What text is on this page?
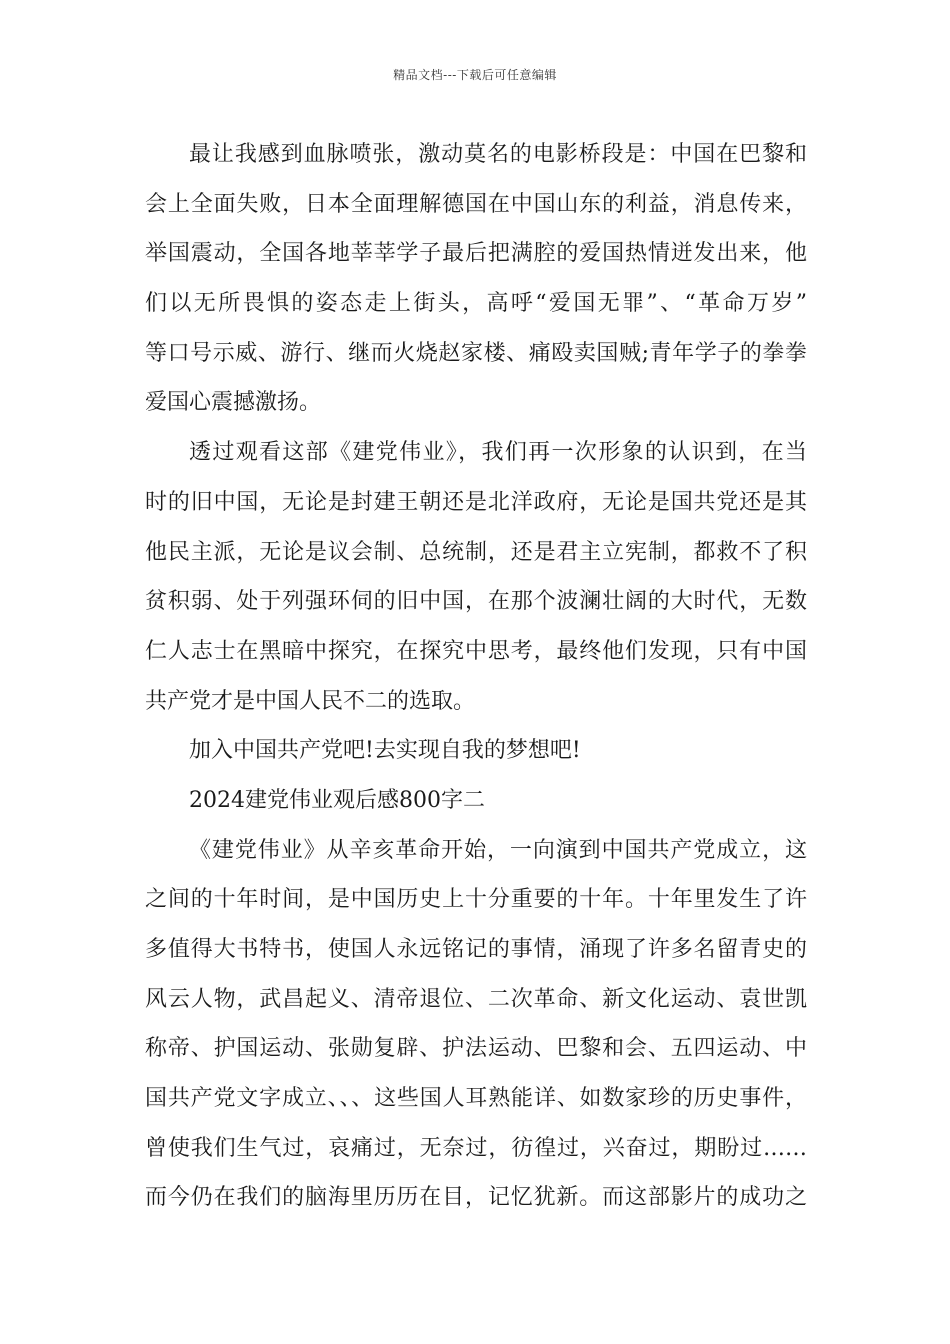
精品文档---下载后可任意编辑
最让我感到血脉喷张，激动莫名的电影桥段是：中国在巴黎和
会上全面失败，日本全面理解德国在中国山东的利益，消息传来，
举国震动，全国各地莘莘学子最后把满腔的爱国热情迸发出来，他
们以无所畏惧的姿态走上街头，高呼“爱国无罪”、“革命万岁”
等口号示威、游行、继而火烧赵家楼、痛殴卖国贼;青年学子的拳拳
爱国心震撼激扬。
透过观看这部《建党伟业》，我们再一次形象的认识到，在当
时的旧中国，无论是封建王朝还是北洋政府，无论是国共党还是其
他民主派，无论是议会制、总统制，还是君主立宪制，都救不了积
贫积弱、处于列强环伺的旧中国，在那个波澜壮阔的大时代，无数
仁人志士在黑暗中探究，在探究中思考，最终他们发现，只有中国
共产党才是中国人民不二的选取。
加入中国共产党吧!去实现自我的梦想吧!
2024建党伟业观后感800字二
《建党伟业》从辛亥革命开始，一向演到中国共产党成立，这
之间的十年时间，是中国历史上十分重要的十年。十年里发生了许
多值得大书特书，使国人永远铭记的事情，涌现了许多名留青史的
风云人物，武昌起义、清帝退位、二次革命、新文化运动、袁世凯
称帝、护国运动、张勋复辟、护法运动、巴黎和会、五四运动、中
国共产党文字成立、、、这些国人耳熟能详、如数家珍的历史事件，
曾使我们生气过，哀痛过，无奈过，彷徨过，兴奋过，期盼过……
而今仍在我们的脑海里历历在目，记忆犹新。而这部影片的成功之
